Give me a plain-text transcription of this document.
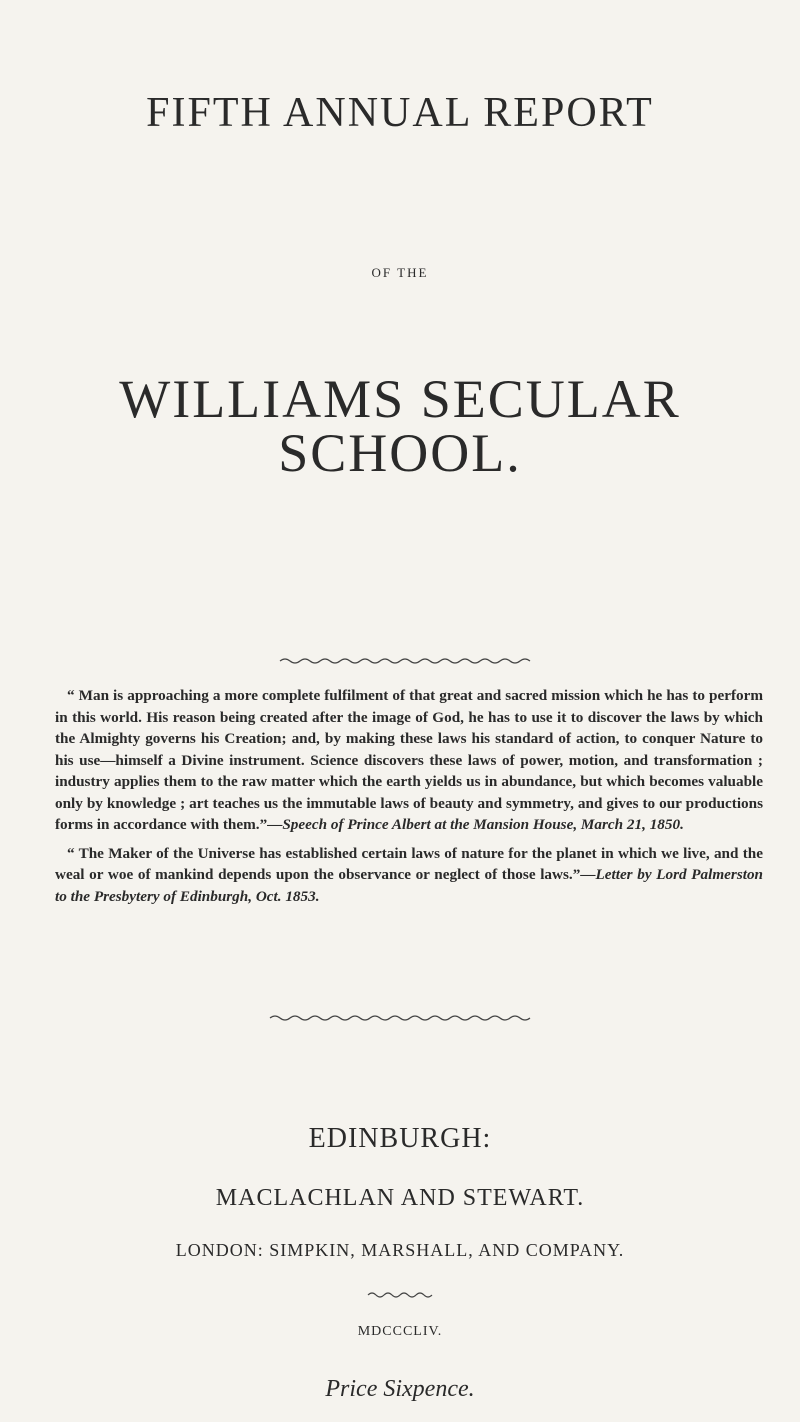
FIFTH ANNUAL REPORT
OF THE
WILLIAMS SECULAR SCHOOL.

“ Man is approaching a more complete fulfilment of that great and sacred mission which he has to perform in this world. His reason being created after the image of God, he has to use it to discover the laws by which the Almighty governs his Creation; and, by making these laws his standard of action, to conquer Nature to his use—himself a Divine instrument. Science discovers these laws of power, motion, and transformation ; industry applies them to the raw matter which the earth yields us in abundance, but which becomes valuable only by knowledge ; art teaches us the immutable laws of beauty and symmetry, and gives to our productions forms in accordance with them.”—Speech of Prince Albert at the Mansion House, March 21, 1850.

“ The Maker of the Universe has established certain laws of nature for the planet in which we live, and the weal or woe of mankind depends upon the observance or neglect of those laws.”—Letter by Lord Palmerston to the Presbytery of Edinburgh, Oct. 1853.

EDINBURGH:
MACLACHLAN AND STEWART.
LONDON: SIMPKIN, MARSHALL, AND COMPANY.
MDCCCLIV.
Price Sixpence.
